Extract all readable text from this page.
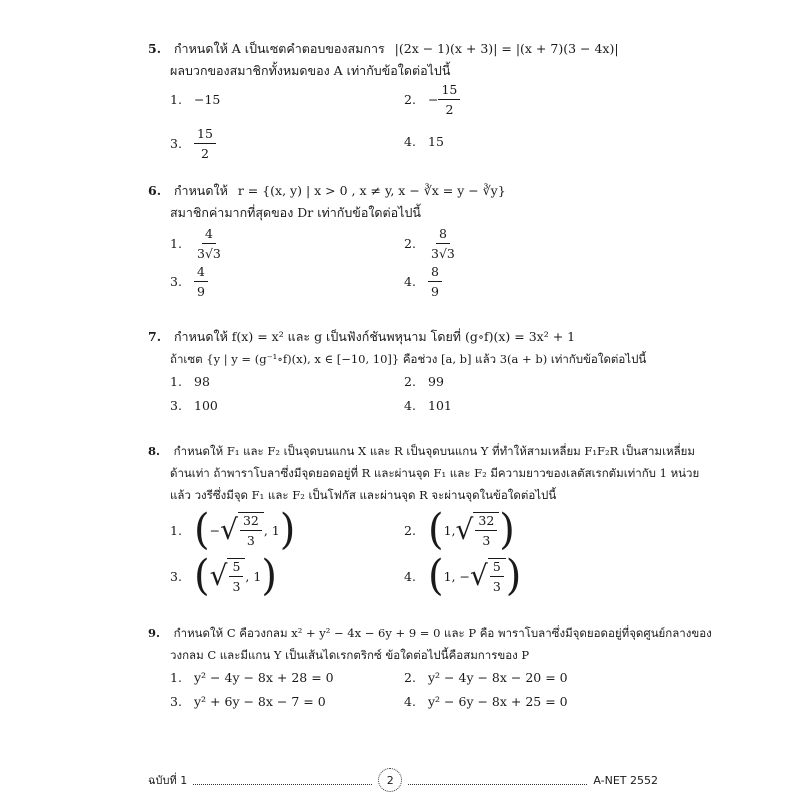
5. กำหนดให้ A เป็นเซตคำตอบของสมการ |(2x − 1)(x + 3)| = |(x + 7)(3 − 4x)|
ผลบวกของสมาชิกทั้งหมดของ A เท่ากับข้อใดต่อไปนี้
1. −15	2. − $\frac{15}{2}$
3. $\frac{15}{2}$	4. 15
6. กำหนดให้ r = {(x, y) | x > 0 , x ≠ y, x − ∛x = y − ∛y}
สมาชิกค่ามากที่สุดของ Dr เท่ากับข้อใดต่อไปนี้
1. $\frac{4}{3√3}$	2. $\frac{8}{3√3}$
3. $\frac{4}{9}$	4. $\frac{8}{9}$
7. กำหนดให้ f(x) = x² และ g เป็นฟังก์ชันพหุนาม โดยที่ (g∘f)(x) = 3x² + 1
ถ้าเซต {y | y = (g⁻¹∘f)(x), x ∈ [−10, 10]} คือช่วง [a, b] แล้ว 3(a + b) เท่ากับข้อใดต่อไปนี้
1. 98	2. 99
3. 100	4. 101
8. กำหนดให้ F₁ และ F₂ เป็นจุดบนแกน X และ R เป็นจุดบนแกน Y ที่ทำให้สามเหลี่ยม F₁F₂R เป็นสามเหลี่ยม
ด้านเท่า ถ้าพาราโบลาซึ่งมีจุดยอดอยู่ที่ R และผ่านจุด F₁ และ F₂ มีความยาวของเลตัสเรกตัมเท่ากับ 1 หน่วย
แล้ว วงรีซึ่งมีจุด F₁ และ F₂ เป็นโฟกัส และผ่านจุด R จะผ่านจุดในข้อใดต่อไปนี้
1. ( − √ $\frac{32}{3}$ , 1 )	2. ( 1, √ $\frac{32}{3}$ )
3. ( √ $\frac{5}{3}$ , 1 )	4. ( 1, − √ $\frac{5}{3}$ )
9. กำหนดให้ C คือวงกลม x² + y² − 4x − 6y + 9 = 0 และ P คือ พาราโบลาซึ่งมีจุดยอดอยู่ที่จุดศูนย์กลางของ
วงกลม C และมีแกน Y เป็นเส้นไดเรกตริกซ์ ข้อใดต่อไปนี้คือสมการของ P
1. y² − 4y − 8x + 28 = 0	2. y² − 4y − 8x − 20 = 0
3. y² + 6y − 8x − 7 = 0	4. y² − 6y − 8x + 25 = 0
ฉบับที่ 1	2	A-NET 2552
